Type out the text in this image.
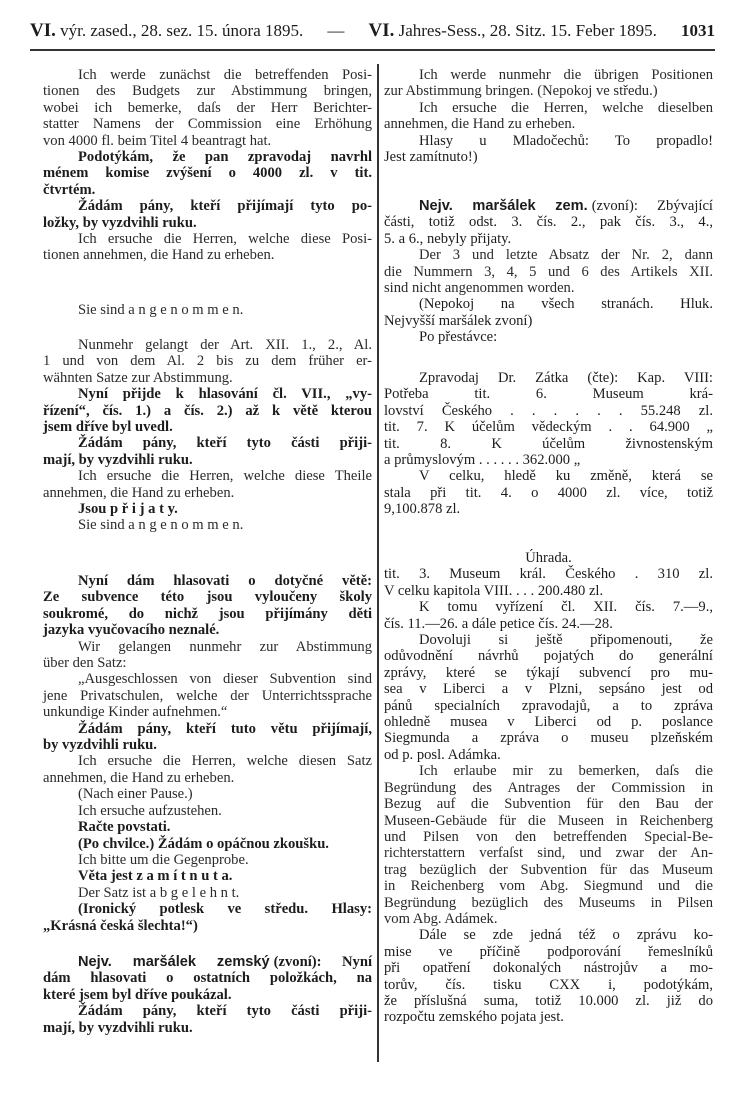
VI. výr. zased., 28. sez. 15. února 1895. — VI. Jahres-Sess., 28. Sitz. 15. Feber 1895. 1031
Ich werde zunächst die betreffenden Posi-
tionen des Budgets zur Abstimmung bringen,
wobei ich bemerke, daſs der Herr Berichter-
statter Namens der Commission eine Erhöhung
von 4000 fl. beim Titel 4 beantragt hat.
Podotýkám, že pan zpravodaj navrhl
ménem komise zvýšení o 4000 zl. v tit.
čtvrtém.
Žádám pány, kteří přijímají tyto po-
ložky, by vyzdvihli ruku.
Ich ersuche die Herren, welche diese Posi-
tionen annehmen, die Hand zu erheben.
Sie sind a n g e n o m m e n.
Nunmehr gelangt der Art. XII. 1., 2., Al.
1 und von dem Al. 2 bis zu dem früher er-
wähnten Satze zur Abstimmung.
Nyní přijde k hlasování čl. VII., „vy-
řízení“, čís. 1.) a čís. 2.) až k větě kterou
jsem dříve byl uvedl.
Žádám pány, kteří tyto části přiji-
mají, by vyzdvihli ruku.
Ich ersuche die Herren, welche diese Theile
annehmen, die Hand zu erheben.
Jsou p ř i j a t y.
Sie sind a n g e n o m m e n.
Nyní dám hlasovati o dotyčné větě:
Ze subvence této jsou vyloučeny školy
soukromé, do nichž jsou přijímány děti
jazyka vyučovacího neznalé.
Wir gelangen nunmehr zur Abstimmung
über den Satz:
„Ausgeschlossen von dieser Subvention sind
jene Privatschulen, welche der Unterrichtssprache
unkundige Kinder aufnehmen.“
Žádám pány, kteří tuto větu přijímají,
by vyzdvihli ruku.
Ich ersuche die Herren, welche diesen Satz
annehmen, die Hand zu erheben.
(Nach einer Pause.)
Ich ersuche aufzustehen.
Račte povstati.
(Po chvilce.) Žádám o opáčnou zkoušku.
Ich bitte um die Gegenprobe.
Věta jest z a m í t n u t a.
Der Satz ist a b g e l e h n t.
(Ironický potlesk ve středu. Hlasy:
„Krásná česká šlechta!“)
Nejv. maršálek zemský (zvoní): Nyní
dám hlasovati o ostatních položkách, na
které jsem byl dříve poukázal.
Žádám pány, kteří tyto části přiji-
mají, by vyzdvihli ruku.
Ich werde nunmehr die übrigen Positionen
zur Abstimmung bringen. (Nepokoj ve středu.)
Ich ersuche die Herren, welche dieselben
annehmen, die Hand zu erheben.
Hlasy u Mladočechů: To propadlo!
Jest zamítnuto!)
Nejv. maršálek zem. (zvoní): Zbývající
části, totiž odst. 3. čís. 2., pak čís. 3., 4.,
5. a 6., nebyly přijaty.
Der 3 und letzte Absatz der Nr. 2, dann
die Nummern 3, 4, 5 und 6 des Artikels XII.
sind nicht angenommen worden.
(Nepokoj na všech stranách. Hluk.
Nejvyšší maršálek zvoní)
Po přestávce:
Zpravodaj Dr. Zátka (čte): Kap. VIII:
Potřeba tit. 6. Museum krá-
lovství Českého . . . . . . 55.248 zl.
tit. 7. K účelům vědeckým . . 64.900 „
tit. 8. K účelům živnostenským
a průmyslovým . . . . . . 362.000 „
V celku, hledě ku změně, která se
stala při tit. 4. o 4000 zl. více, totiž
9,100.878 zl.
Úhrada.
tit. 3. Museum král. Českého . 310 zl.
V celku kapitola VIII. . . . 200.480 zl.
K tomu vyřízení čl. XII. čís. 7.—9.,
čís. 11.—26. a dále petice čís. 24.—28.
Dovoluji si ještě připomenouti, že
odůvodnění návrhů pojatých do generální
zprávy, které se týkají subvencí pro mu-
sea v Liberci a v Plzni, sepsáno jest od
pánů specialních zpravodajů, a to zpráva
ohledně musea v Liberci od p. poslance
Siegmunda a zpráva o museu plzeňském
od p. posl. Adámka.
Ich erlaube mir zu bemerken, daſs die
Begründung des Antrages der Commission in
Bezug auf die Subvention für den Bau der
Museen-Gebäude für die Museen in Reichenberg
und Pilsen von den betreffenden Special-Be-
richterstattern verfaſst sind, und zwar der An-
trag bezüglich der Subvention für das Museum
in Reichenberg vom Abg. Siegmund und die
Begründung bezüglich des Museums in Pilsen
vom Abg. Adámek.
Dále se zde jedná též o zprávu ko-
mise ve příčině podporování řemeslníků
při opatření dokonalých nástrojův a mo-
torův, čís. tisku CXX i, podotýkám,
že příslušná suma, totiž 10.000 zl. již do
rozpočtu zemského pojata jest.
